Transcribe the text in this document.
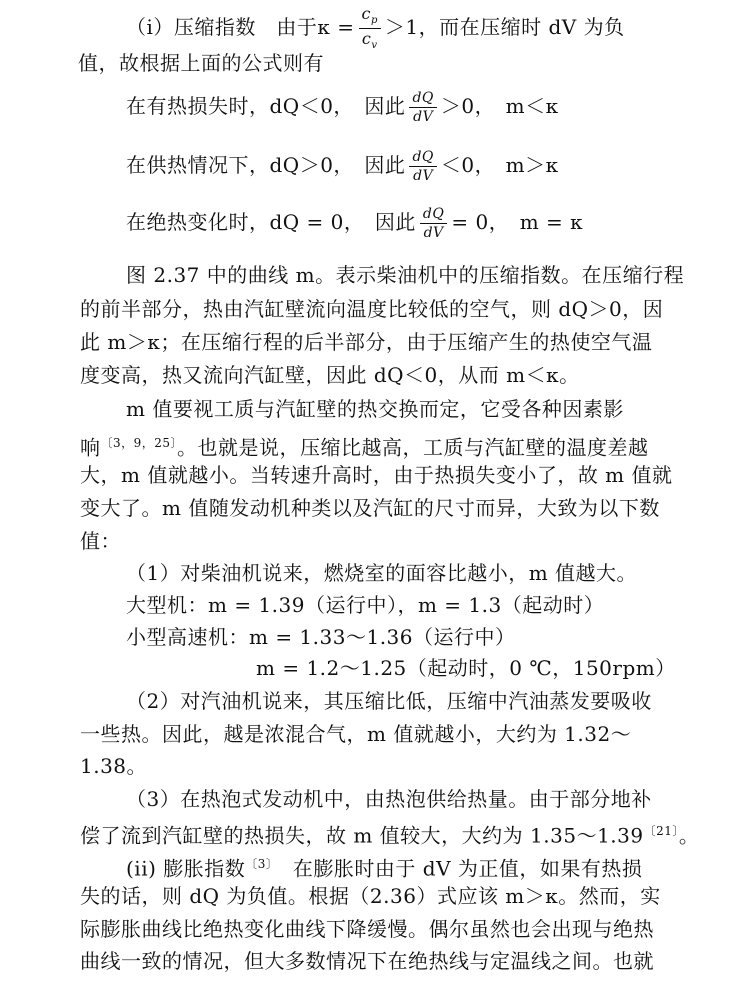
（i）压缩指数　由于$\kappa = \frac{c_p}{c_v} >1$，而在压缩时 dV 为负
值，故根据上面的公式则有
在有热损失时，dQ＜0，　因此 $\frac{dQ}{dV} >0$，　m＜κ
在供热情况下，dQ＞0，　因此 $\frac{dQ}{dV} <0$，　m＞κ
在绝热变化时，dQ = 0，　因此 $\frac{dQ}{dV} = 0$，　m = κ
图 2.37 中的曲线 m。表示柴油机中的压缩指数。在压缩行程
的前半部分，热由汽缸壁流向温度比较低的空气，则 dQ＞0，因
此 m＞κ；在压缩行程的后半部分，由于压缩产生的热使空气温
度变高，热又流向汽缸壁，因此 dQ＜0，从而 m＜κ。
m 值要视工质与汽缸壁的热交换而定，它受各种因素影
响$^{〔3,9,25〕}$。也就是说，压缩比越高，工质与汽缸壁的温度差越
大，m 值就越小。当转速升高时，由于热损失变小了，故 m 值就
变大了。m 值随发动机种类以及汽缸的尺寸而异，大致为以下数
值：
（1）对柴油机说来，燃烧室的面容比越小，m 值越大。
大型机：m = 1.39（运行中），m = 1.3（起动时）
小型高速机：m = 1.33～1.36（运行中）
m = 1.2～1.25（起动时，0 ℃，150rpm）
（2）对汽油机说来，其压缩比低，压缩中汽油蒸发要吸收
一些热。因此，越是浓混合气，m 值就越小，大约为 1.32～
1.38。
（3）在热泡式发动机中，由热泡供给热量。由于部分地补
偿了流到汽缸壁的热损失，故 m 值较大，大约为 1.35～1.39$^{〔21〕}$。
(ii) 膨胀指数$^{〔3〕}$　在膨胀时由于 dV 为正值，如果有热损
失的话，则 dQ 为负值。根据（2.36）式应该 m＞κ。然而，实
际膨胀曲线比绝热变化曲线下降缓慢。偶尔虽然也会出现与绝热
曲线一致的情况，但大多数情况下在绝热线与定温线之间。也就
